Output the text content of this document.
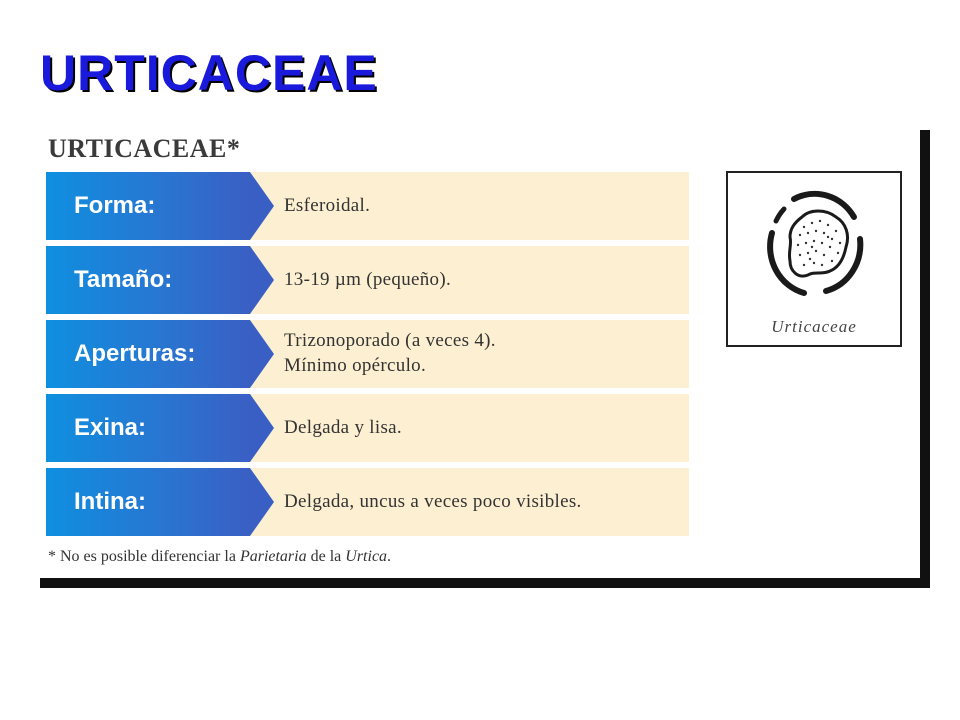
URTICACEAE
URTICACEAE*
Forma:	Esferoidal.
Tamaño:	13-19 µm (pequeño).
Aperturas:	Trizonoporado (a veces 4).
Mínimo opérculo.
Exina:	Delgada y lisa.
Intina:	Delgada, uncus a veces poco visibles.
* No es posible diferenciar la Parietaria de la Urtica.
Urticaceae
